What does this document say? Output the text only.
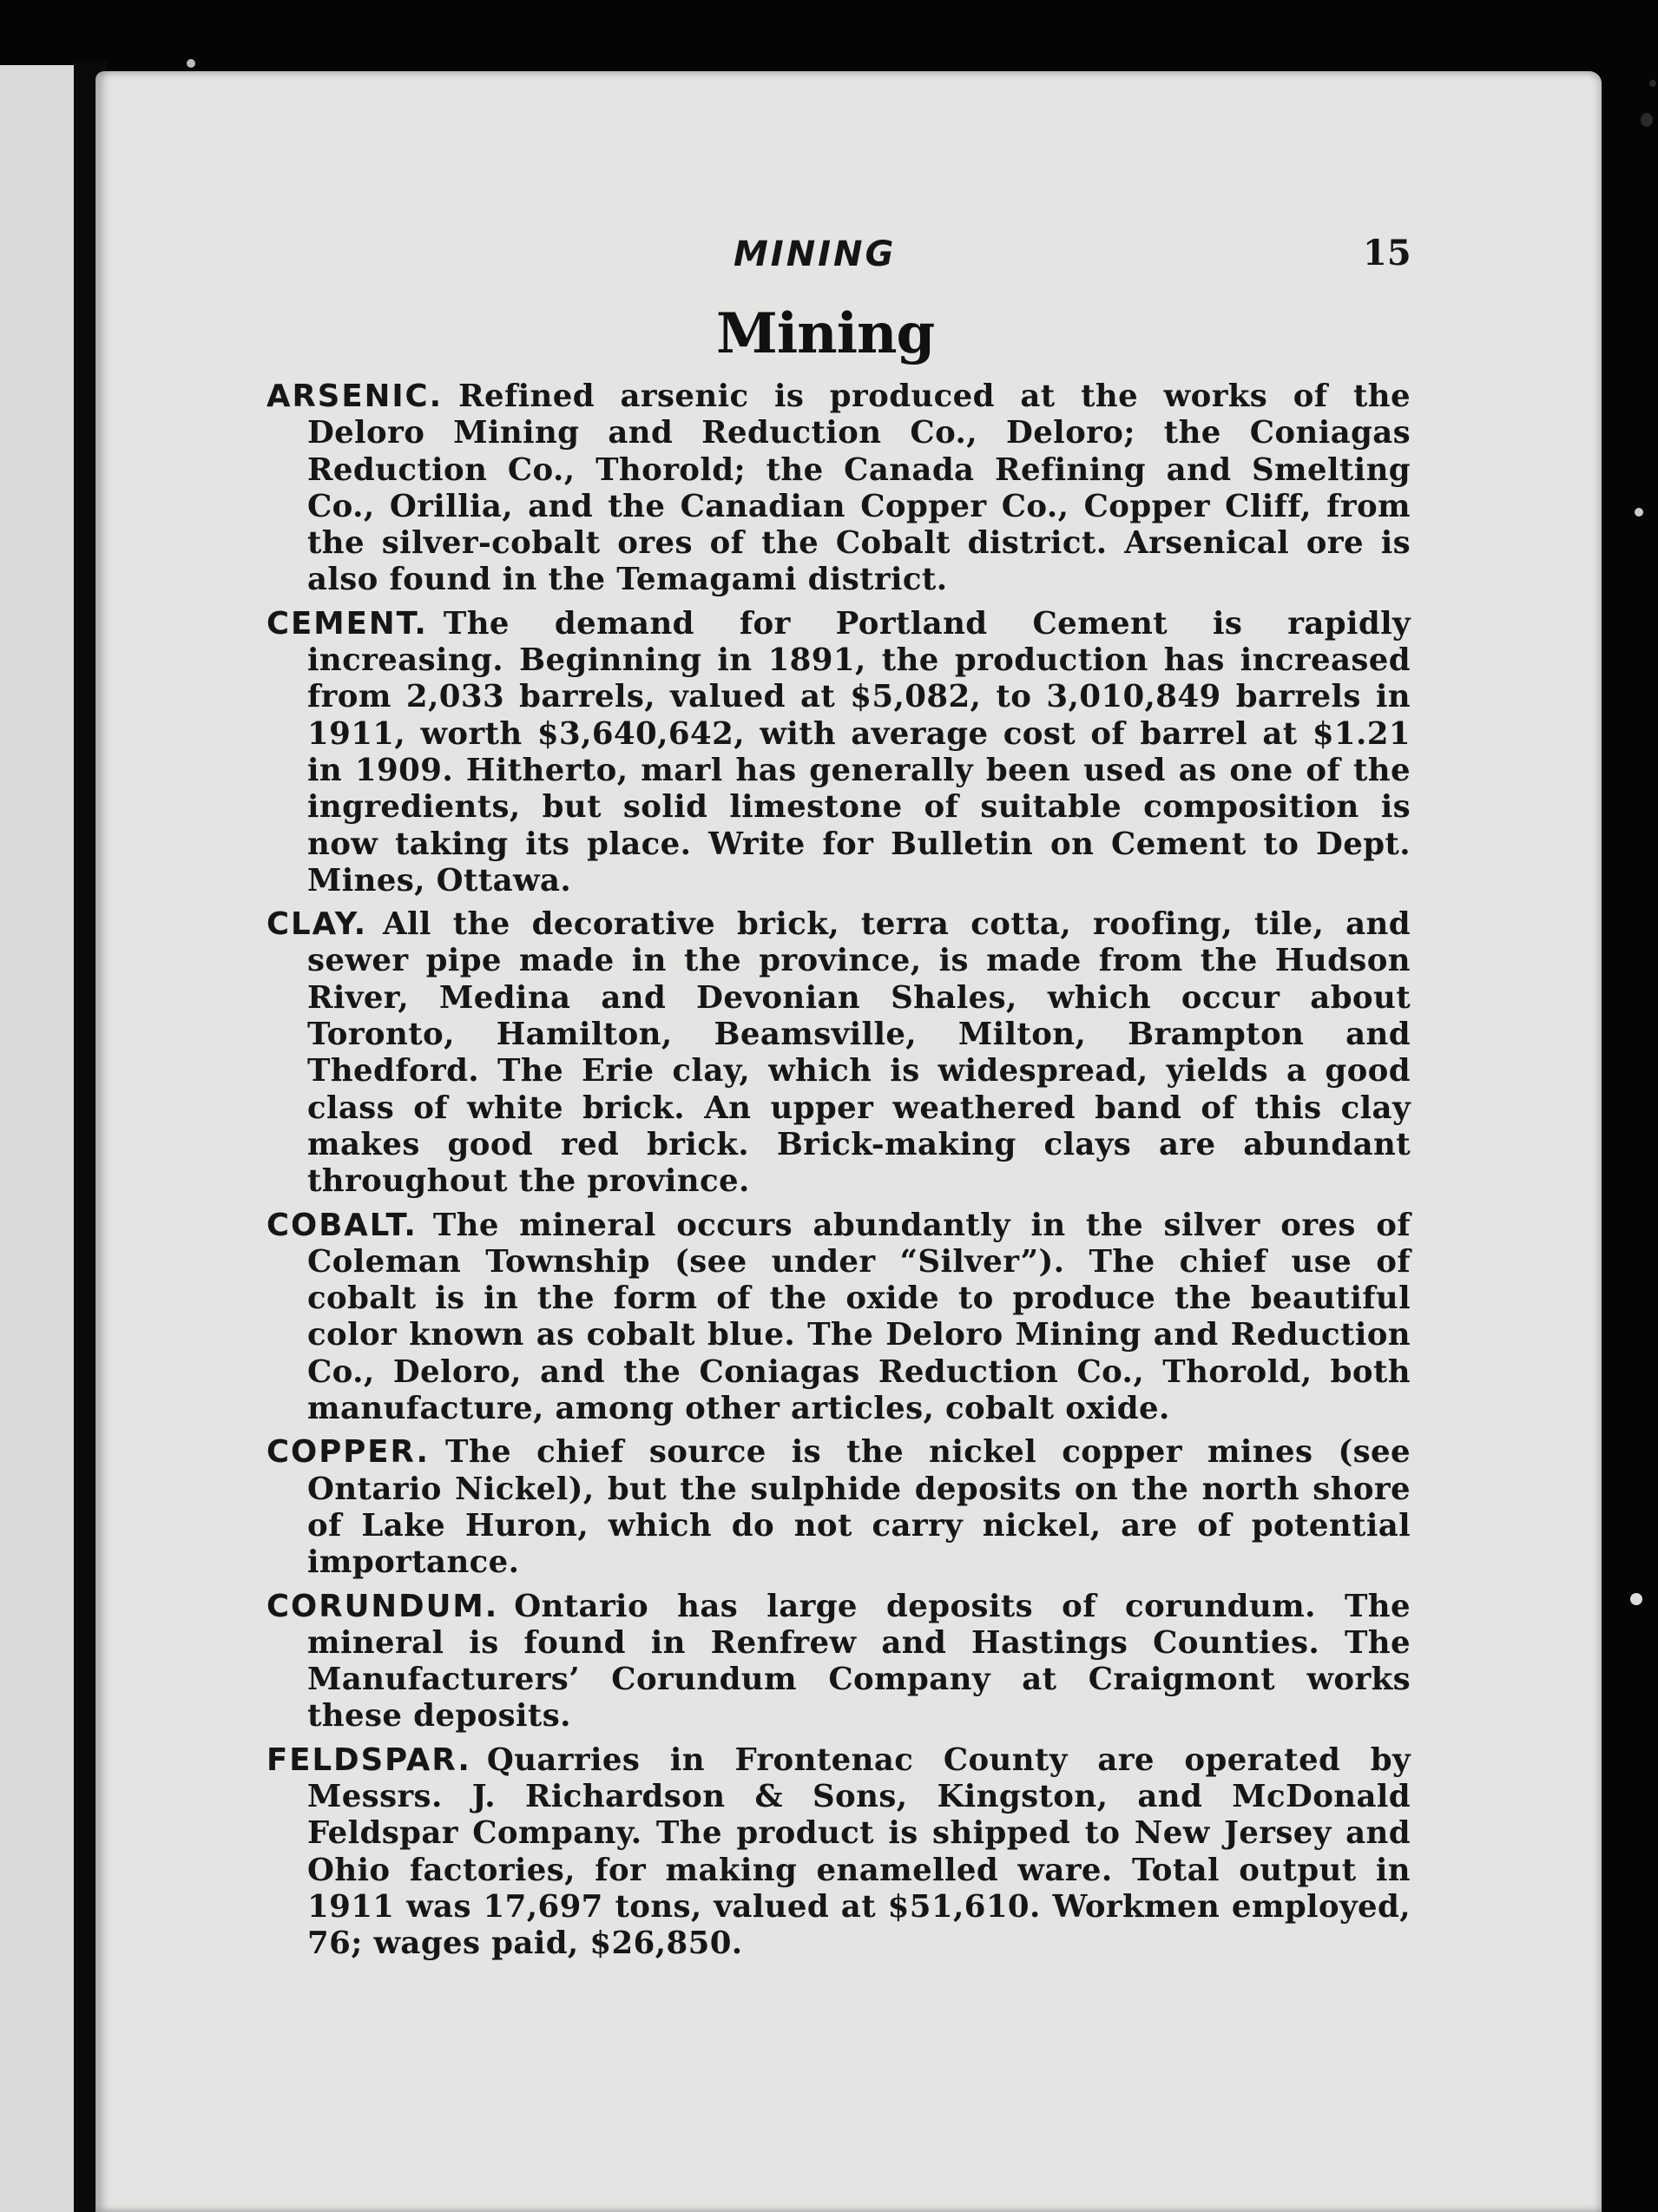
MINING	15
Mining

ARSENIC. Refined arsenic is produced at the works of the Deloro Mining and Reduction Co., Deloro; the Coniagas Reduction Co., Thorold; the Canada Refining and Smelting Co., Orillia, and the Canadian Copper Co., Copper Cliff, from the silver-cobalt ores of the Cobalt district. Arsenical ore is also found in the Temagami district.

CEMENT. The demand for Portland Cement is rapidly increasing. Beginning in 1891, the production has increased from 2,033 barrels, valued at $5,082, to 3,010,849 barrels in 1911, worth $3,640,642, with average cost of barrel at $1.21 in 1909. Hitherto, marl has generally been used as one of the ingredients, but solid limestone of suitable composition is now taking its place. Write for Bulletin on Cement to Dept. Mines, Ottawa.

CLAY. All the decorative brick, terra cotta, roofing, tile, and sewer pipe made in the province, is made from the Hudson River, Medina and Devonian Shales, which occur about Toronto, Hamilton, Beamsville, Milton, Brampton and Thedford. The Erie clay, which is widespread, yields a good class of white brick. An upper weathered band of this clay makes good red brick. Brick-making clays are abundant throughout the province.

COBALT. The mineral occurs abundantly in the silver ores of Coleman Township (see under “Silver”). The chief use of cobalt is in the form of the oxide to produce the beautiful color known as cobalt blue. The Deloro Mining and Reduction Co., Deloro, and the Coniagas Reduction Co., Thorold, both manufacture, among other articles, cobalt oxide.

COPPER. The chief source is the nickel copper mines (see Ontario Nickel), but the sulphide deposits on the north shore of Lake Huron, which do not carry nickel, are of potential importance.

CORUNDUM. Ontario has large deposits of corundum. The mineral is found in Renfrew and Hastings Counties. The Manufacturers’ Corundum Company at Craigmont works these deposits.

FELDSPAR. Quarries in Frontenac County are operated by Messrs. J. Richardson & Sons, Kingston, and McDonald Feldspar Company. The product is shipped to New Jersey and Ohio factories, for making enamelled ware. Total output in 1911 was 17,697 tons, valued at $51,610. Workmen employed, 76; wages paid, $26,850.
